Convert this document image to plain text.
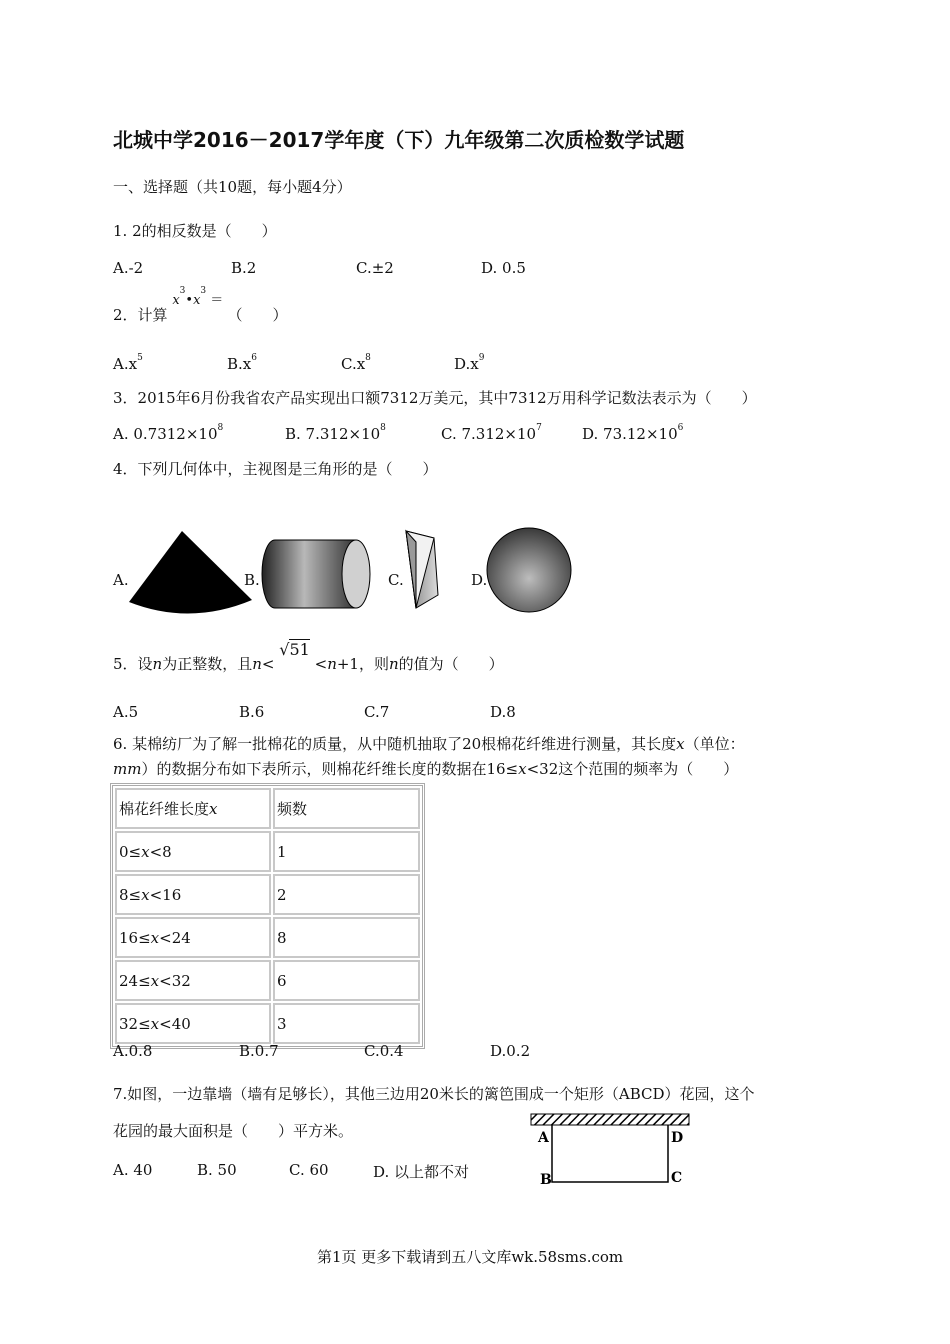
北城中学2016－2017学年度（下）九年级第二次质检数学试题
一、选择题（共10题，每小题4分）
1. 2的相反数是（　　）
A.-2	B.2	C.±2	D. 0.5
2．计算 $x^3•x^3$ ＝ （　　）
$A.x^5$	$B.x^6$	$C.x^8$	$D.x^9$
3．2015年6月份我省农产品实现出口额7312万美元，其中7312万用科学记数法表示为（　　）
A. $0.7312\times 10^8$	B. $7.312\times 10^8$	C. $7.312\times 10^7$	D. $73.12\times 10^6$
4．下列几何体中，主视图是三角形的是（　　）
A.	B.	C.	D.
5．设n为正整数，且n< √51 <n+1，则n的值为（　　）
A.5	B.6	C.7	D.8
6. 某棉纺厂为了解一批棉花的质量，从中随机抽取了20根棉花纤维进行测量，其长度x（单位：
mm）的数据分布如下表所示，则棉花纤维长度的数据在16≤x<32这个范围的频率为（　　）
棉花纤维长度x	频数
0≤x<8	1
8≤x<16	2
16≤x<24	8
24≤x<32	6
32≤x<40	3
A.0.8	B.0.7	C.0.4	D.0.2
7.如图，一边靠墙（墙有足够长），其他三边用20米长的篱笆围成一个矩形（ABCD）花园，这个
花园的最大面积是（　　）平方米。
A. 40	B. 50	C. 60	D. 以上都不对
A	D
B	C
第1页 更多下载请到五八文库wk.58sms.com
